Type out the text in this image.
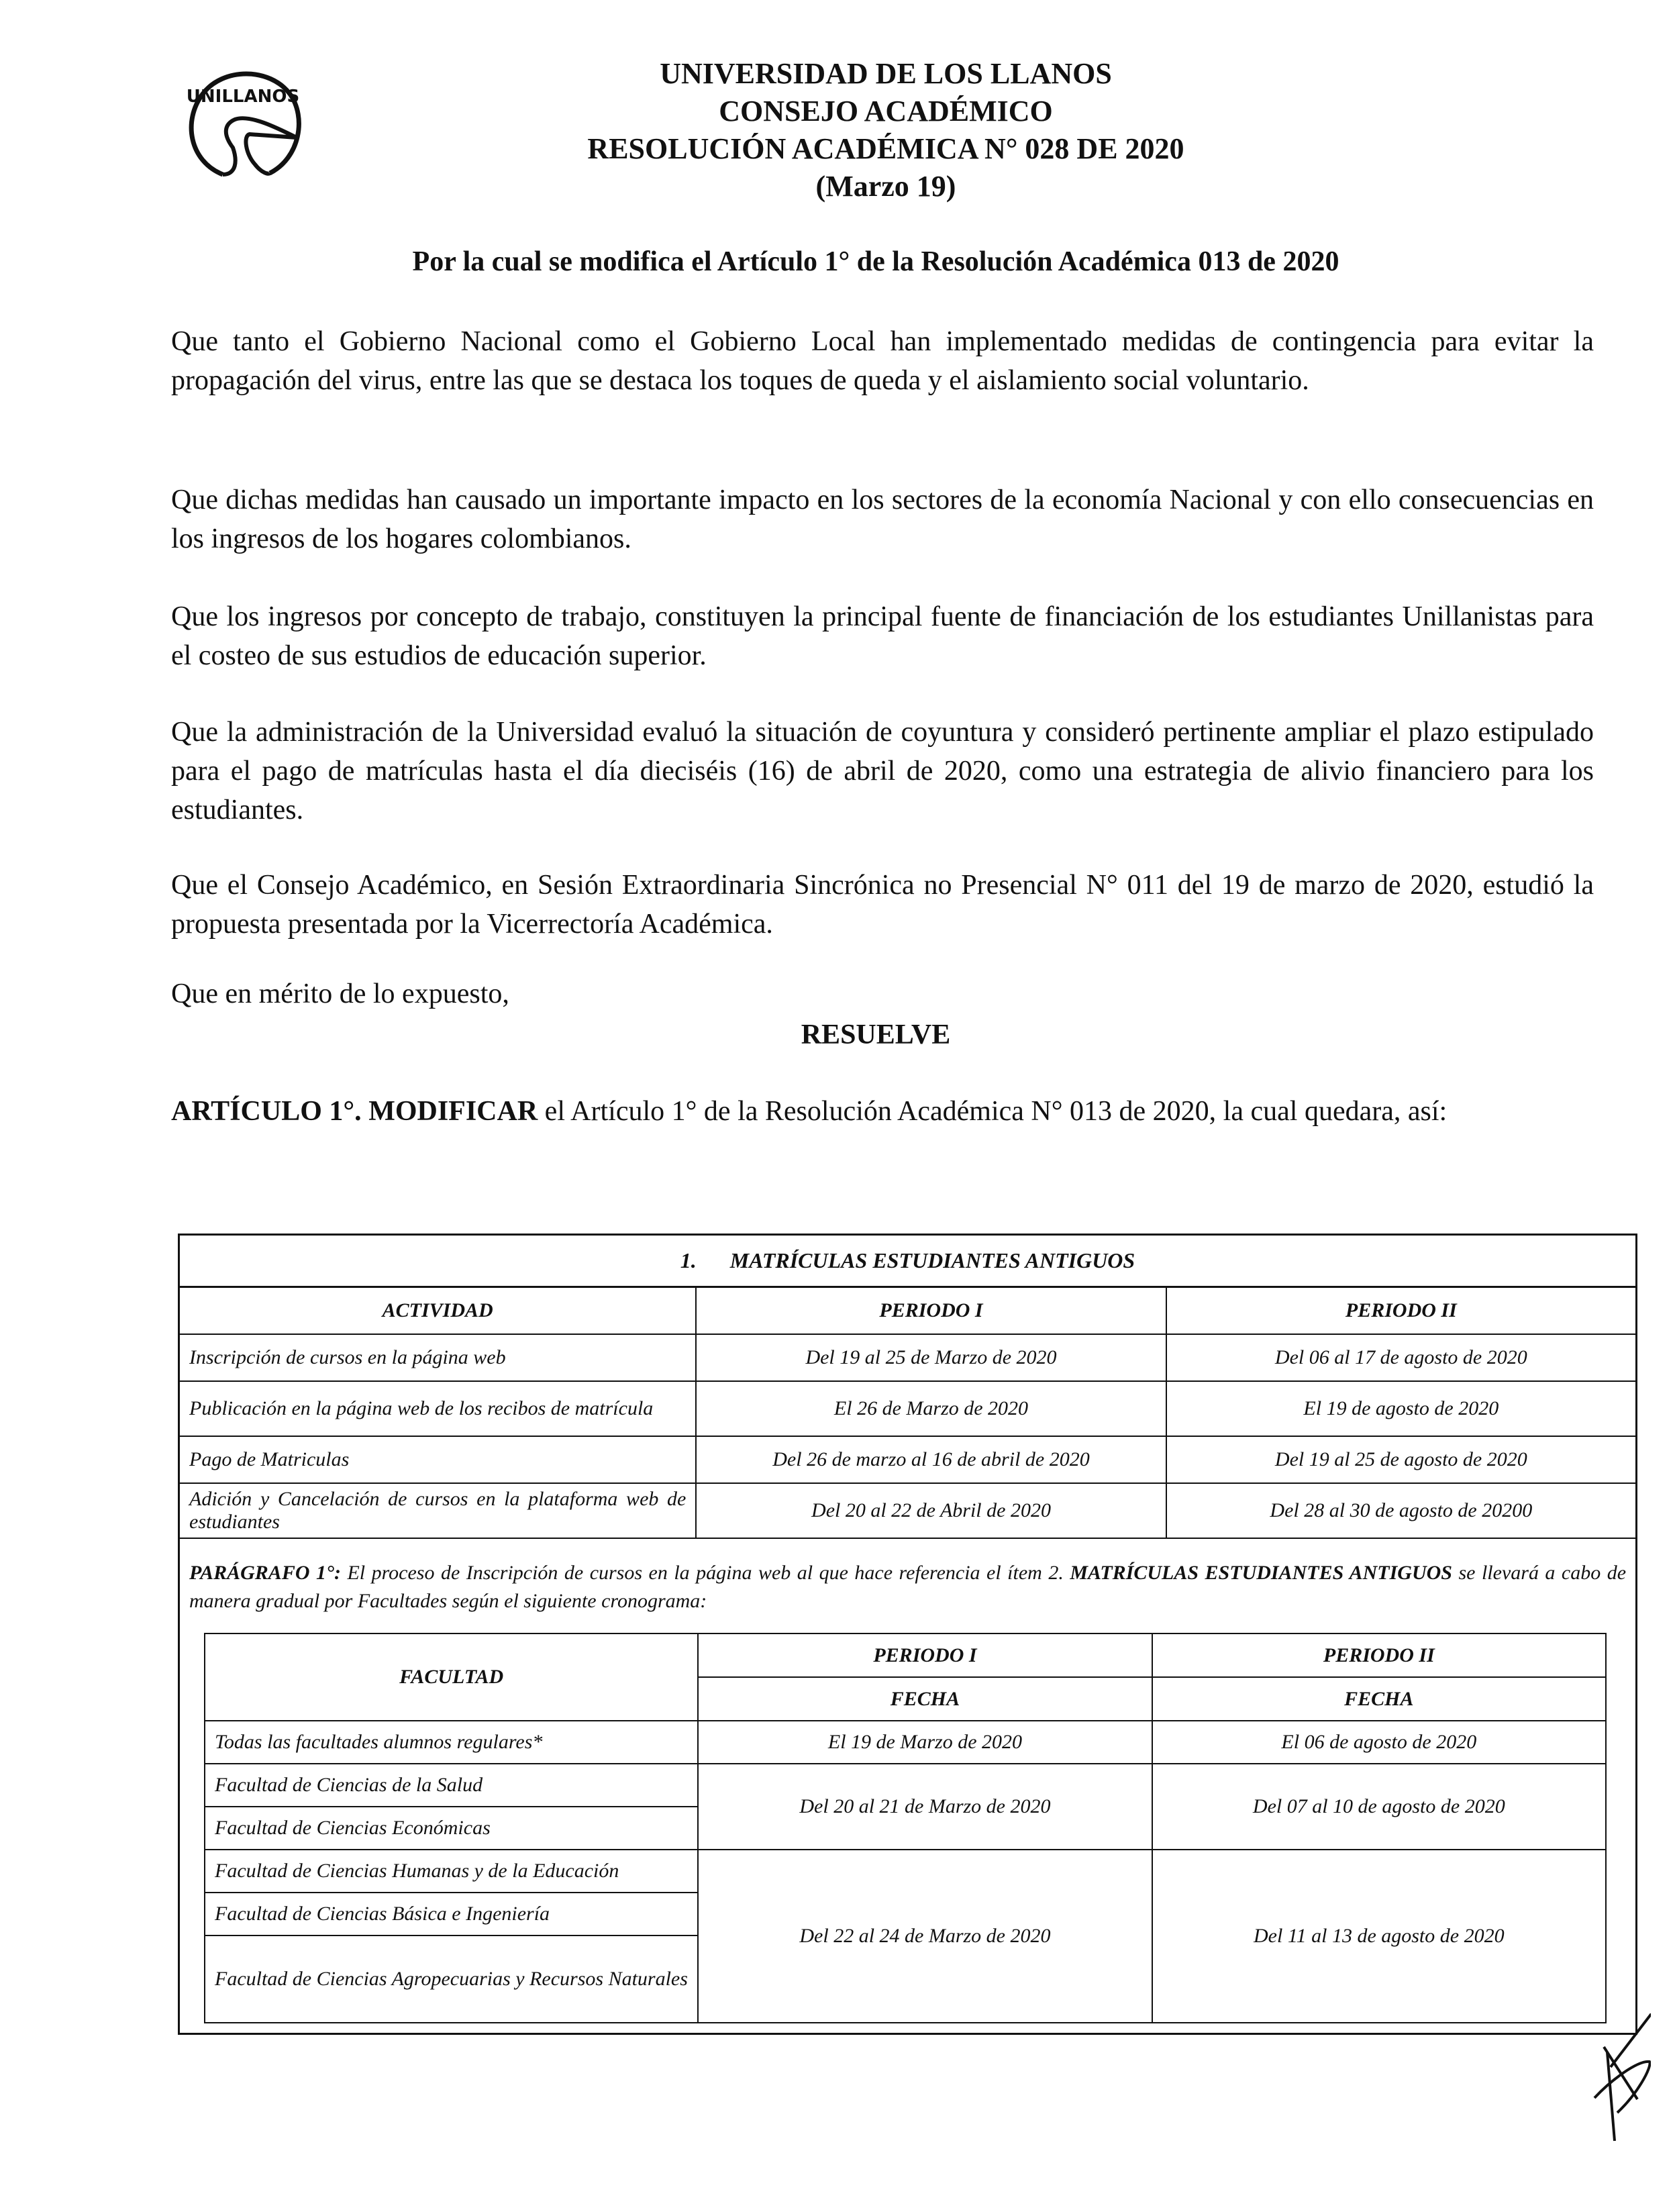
UNILLANOS
UNIVERSIDAD DE LOS LLANOS
CONSEJO ACADÉMICO
RESOLUCIÓN ACADÉMICA N° 028 DE 2020
(Marzo 19)
Por la cual se modifica el Artículo 1° de la Resolución Académica 013 de 2020
Que tanto el Gobierno Nacional como el Gobierno Local han implementado medidas de contingencia para evitar la propagación del virus, entre las que se destaca los toques de queda y el aislamiento social voluntario.
Que dichas medidas han causado un importante impacto en los sectores de la economía Nacional y con ello consecuencias en los ingresos de los hogares colombianos.
Que los ingresos por concepto de trabajo, constituyen la principal fuente de financiación de los estudiantes Unillanistas para el costeo de sus estudios de educación superior.
Que la administración de la Universidad evaluó la situación de coyuntura y consideró pertinente ampliar el plazo estipulado para el pago de matrículas hasta el día dieciséis (16) de abril de 2020, como una estrategia de alivio financiero para los estudiantes.
Que el Consejo Académico, en Sesión Extraordinaria Sincrónica no Presencial N° 011 del 19 de marzo de 2020, estudió la propuesta presentada por la Vicerrectoría Académica.
Que en mérito de lo expuesto,
RESUELVE
ARTÍCULO 1°. MODIFICAR el Artículo 1° de la Resolución Académica N° 013 de 2020, la cual quedara, así:
1. MATRÍCULAS ESTUDIANTES ANTIGUOS
ACTIVIDAD	PERIODO I	PERIODO II
Inscripción de cursos en la página web	Del 19 al 25 de Marzo de 2020	Del 06 al 17 de agosto de 2020
Publicación en la página web de los recibos de matrícula	El 26 de Marzo de 2020	El 19 de agosto de 2020
Pago de Matriculas	Del 26 de marzo al 16 de abril de 2020	Del 19 al 25 de agosto de 2020
Adición y Cancelación de cursos en la plataforma web de estudiantes	Del 20 al 22 de Abril de 2020	Del 28 al 30 de agosto de 20200
PARÁGRAFO 1°: El proceso de Inscripción de cursos en la página web al que hace referencia el ítem 2. MATRÍCULAS ESTUDIANTES ANTIGUOS se llevará a cabo de manera gradual por Facultades según el siguiente cronograma:
FACULTAD	PERIODO I	PERIODO II
	FECHA	FECHA
Todas las facultades alumnos regulares*	El 19 de Marzo de 2020	El 06 de agosto de 2020
Facultad de Ciencias de la Salud	Del 20 al 21 de Marzo de 2020	Del 07 al 10 de agosto de 2020
Facultad de Ciencias Económicas		
Facultad de Ciencias Humanas y de la Educación	Del 22 al 24 de Marzo de 2020	Del 11 al 13 de agosto de 2020
Facultad de Ciencias Básica e Ingeniería		
Facultad de Ciencias Agropecuarias y Recursos Naturales		
